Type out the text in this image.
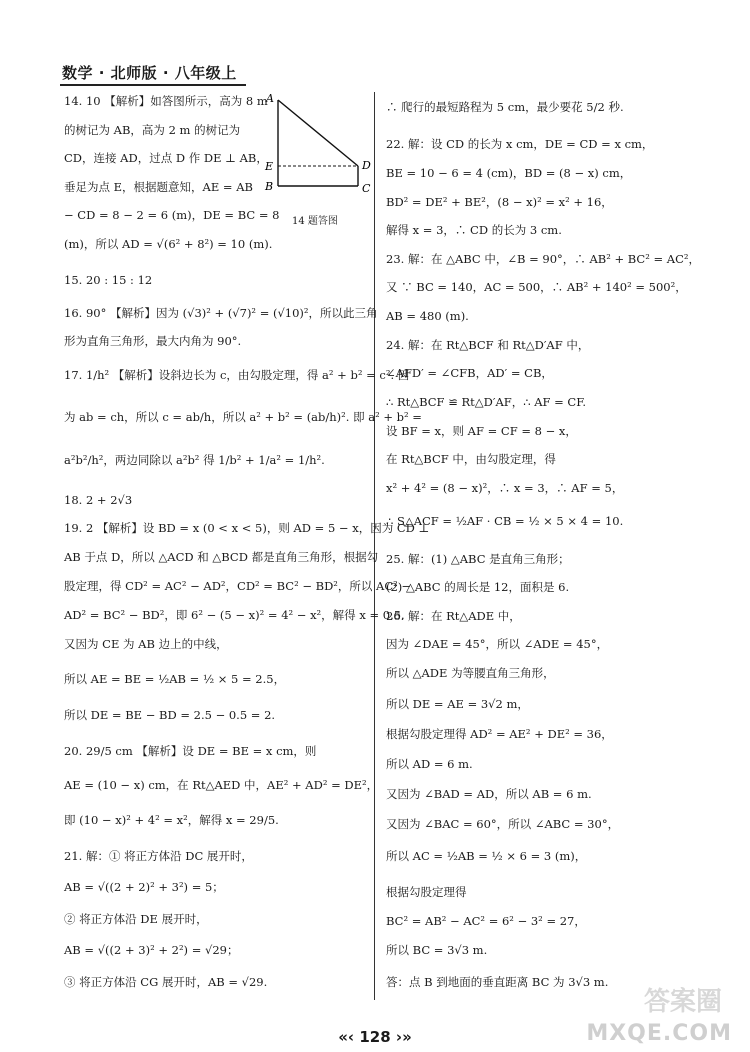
数学 · 北师版 · 八年级上
A
E
B
D
C
14 题答图
14. 10 【解析】如答图所示，高为 8 m
的树记为 AB，高为 2 m 的树记为
CD，连接 AD，过点 D 作 DE ⊥ AB，
垂足为点 E，根据题意知，AE = AB
− CD = 8 − 2 = 6 (m)，DE = BC = 8
(m)，所以 AD = √(6² + 8²) = 10 (m).
15. 20 : 15 : 12
16. 90° 【解析】因为 (√3)² + (√7)² = (√10)²，所以此三角
形为直角三角形，最大内角为 90°.
17. 1/h² 【解析】设斜边长为 c，由勾股定理，得 a² + b² = c². 因
为 ab = ch，所以 c = ab/h，所以 a² + b² = (ab/h)². 即 a² + b² =
a²b²/h²，两边同除以 a²b² 得 1/b² + 1/a² = 1/h².
18. 2 + 2√3
19. 2 【解析】设 BD = x (0 < x < 5)，则 AD = 5 − x，因为 CD ⊥
AB 于点 D，所以 △ACD 和 △BCD 都是直角三角形，根据勾
股定理，得 CD² = AC² − AD²，CD² = BC² − BD²，所以 AC² −
AD² = BC² − BD²，即 6² − (5 − x)² = 4² − x²，解得 x = 0.5.
又因为 CE 为 AB 边上的中线，
所以 AE = BE = ½AB = ½ × 5 = 2.5，
所以 DE = BE − BD = 2.5 − 0.5 = 2.
20. 29/5 cm 【解析】设 DE = BE = x cm，则
AE = (10 − x) cm，在 Rt△AED 中，AE² + AD² = DE²，
即 (10 − x)² + 4² = x²，解得 x = 29/5.
21. 解：① 将正方体沿 DC 展开时，
AB = √((2 + 2)² + 3²) = 5；
② 将正方体沿 DE 展开时，
AB = √((2 + 3)² + 2²) = √29；
③ 将正方体沿 CG 展开时，AB = √29.
∴ 爬行的最短路程为 5 cm，最少要花 5/2 秒.
22. 解：设 CD 的长为 x cm，DE = CD = x cm，
BE = 10 − 6 = 4 (cm)，BD = (8 − x) cm，
BD² = DE² + BE²，(8 − x)² = x² + 16，
解得 x = 3，∴ CD 的长为 3 cm.
23. 解：在 △ABC 中，∠B = 90°，∴ AB² + BC² = AC²，
又 ∵ BC = 140，AC = 500，∴ AB² + 140² = 500²，
AB = 480 (m).
24. 解：在 Rt△BCF 和 Rt△D′AF 中，
∠AFD′ = ∠CFB，AD′ = CB，
∴ Rt△BCF ≌ Rt△D′AF，∴ AF = CF.
设 BF = x，则 AF = CF = 8 − x，
在 Rt△BCF 中，由勾股定理，得
x² + 4² = (8 − x)²，∴ x = 3，∴ AF = 5，
∴ S△ACF = ½AF · CB = ½ × 5 × 4 = 10.
25. 解：(1) △ABC 是直角三角形；
(2) △ABC 的周长是 12，面积是 6.
26. 解：在 Rt△ADE 中，
因为 ∠DAE = 45°，所以 ∠ADE = 45°，
所以 △ADE 为等腰直角三角形，
所以 DE = AE = 3√2 m，
根据勾股定理得 AD² = AE² + DE² = 36，
所以 AD = 6 m.
又因为 ∠BAD = AD，所以 AB = 6 m.
又因为 ∠BAC = 60°，所以 ∠ABC = 30°，
所以 AC = ½AB = ½ × 6 = 3 (m)，
根据勾股定理得
BC² = AB² − AC² = 6² − 3² = 27，
所以 BC = 3√3 m.
答：点 B 到地面的垂直距离 BC 为 3√3 m.
«‹ 128 ›»
答案圈
MXQE.COM
